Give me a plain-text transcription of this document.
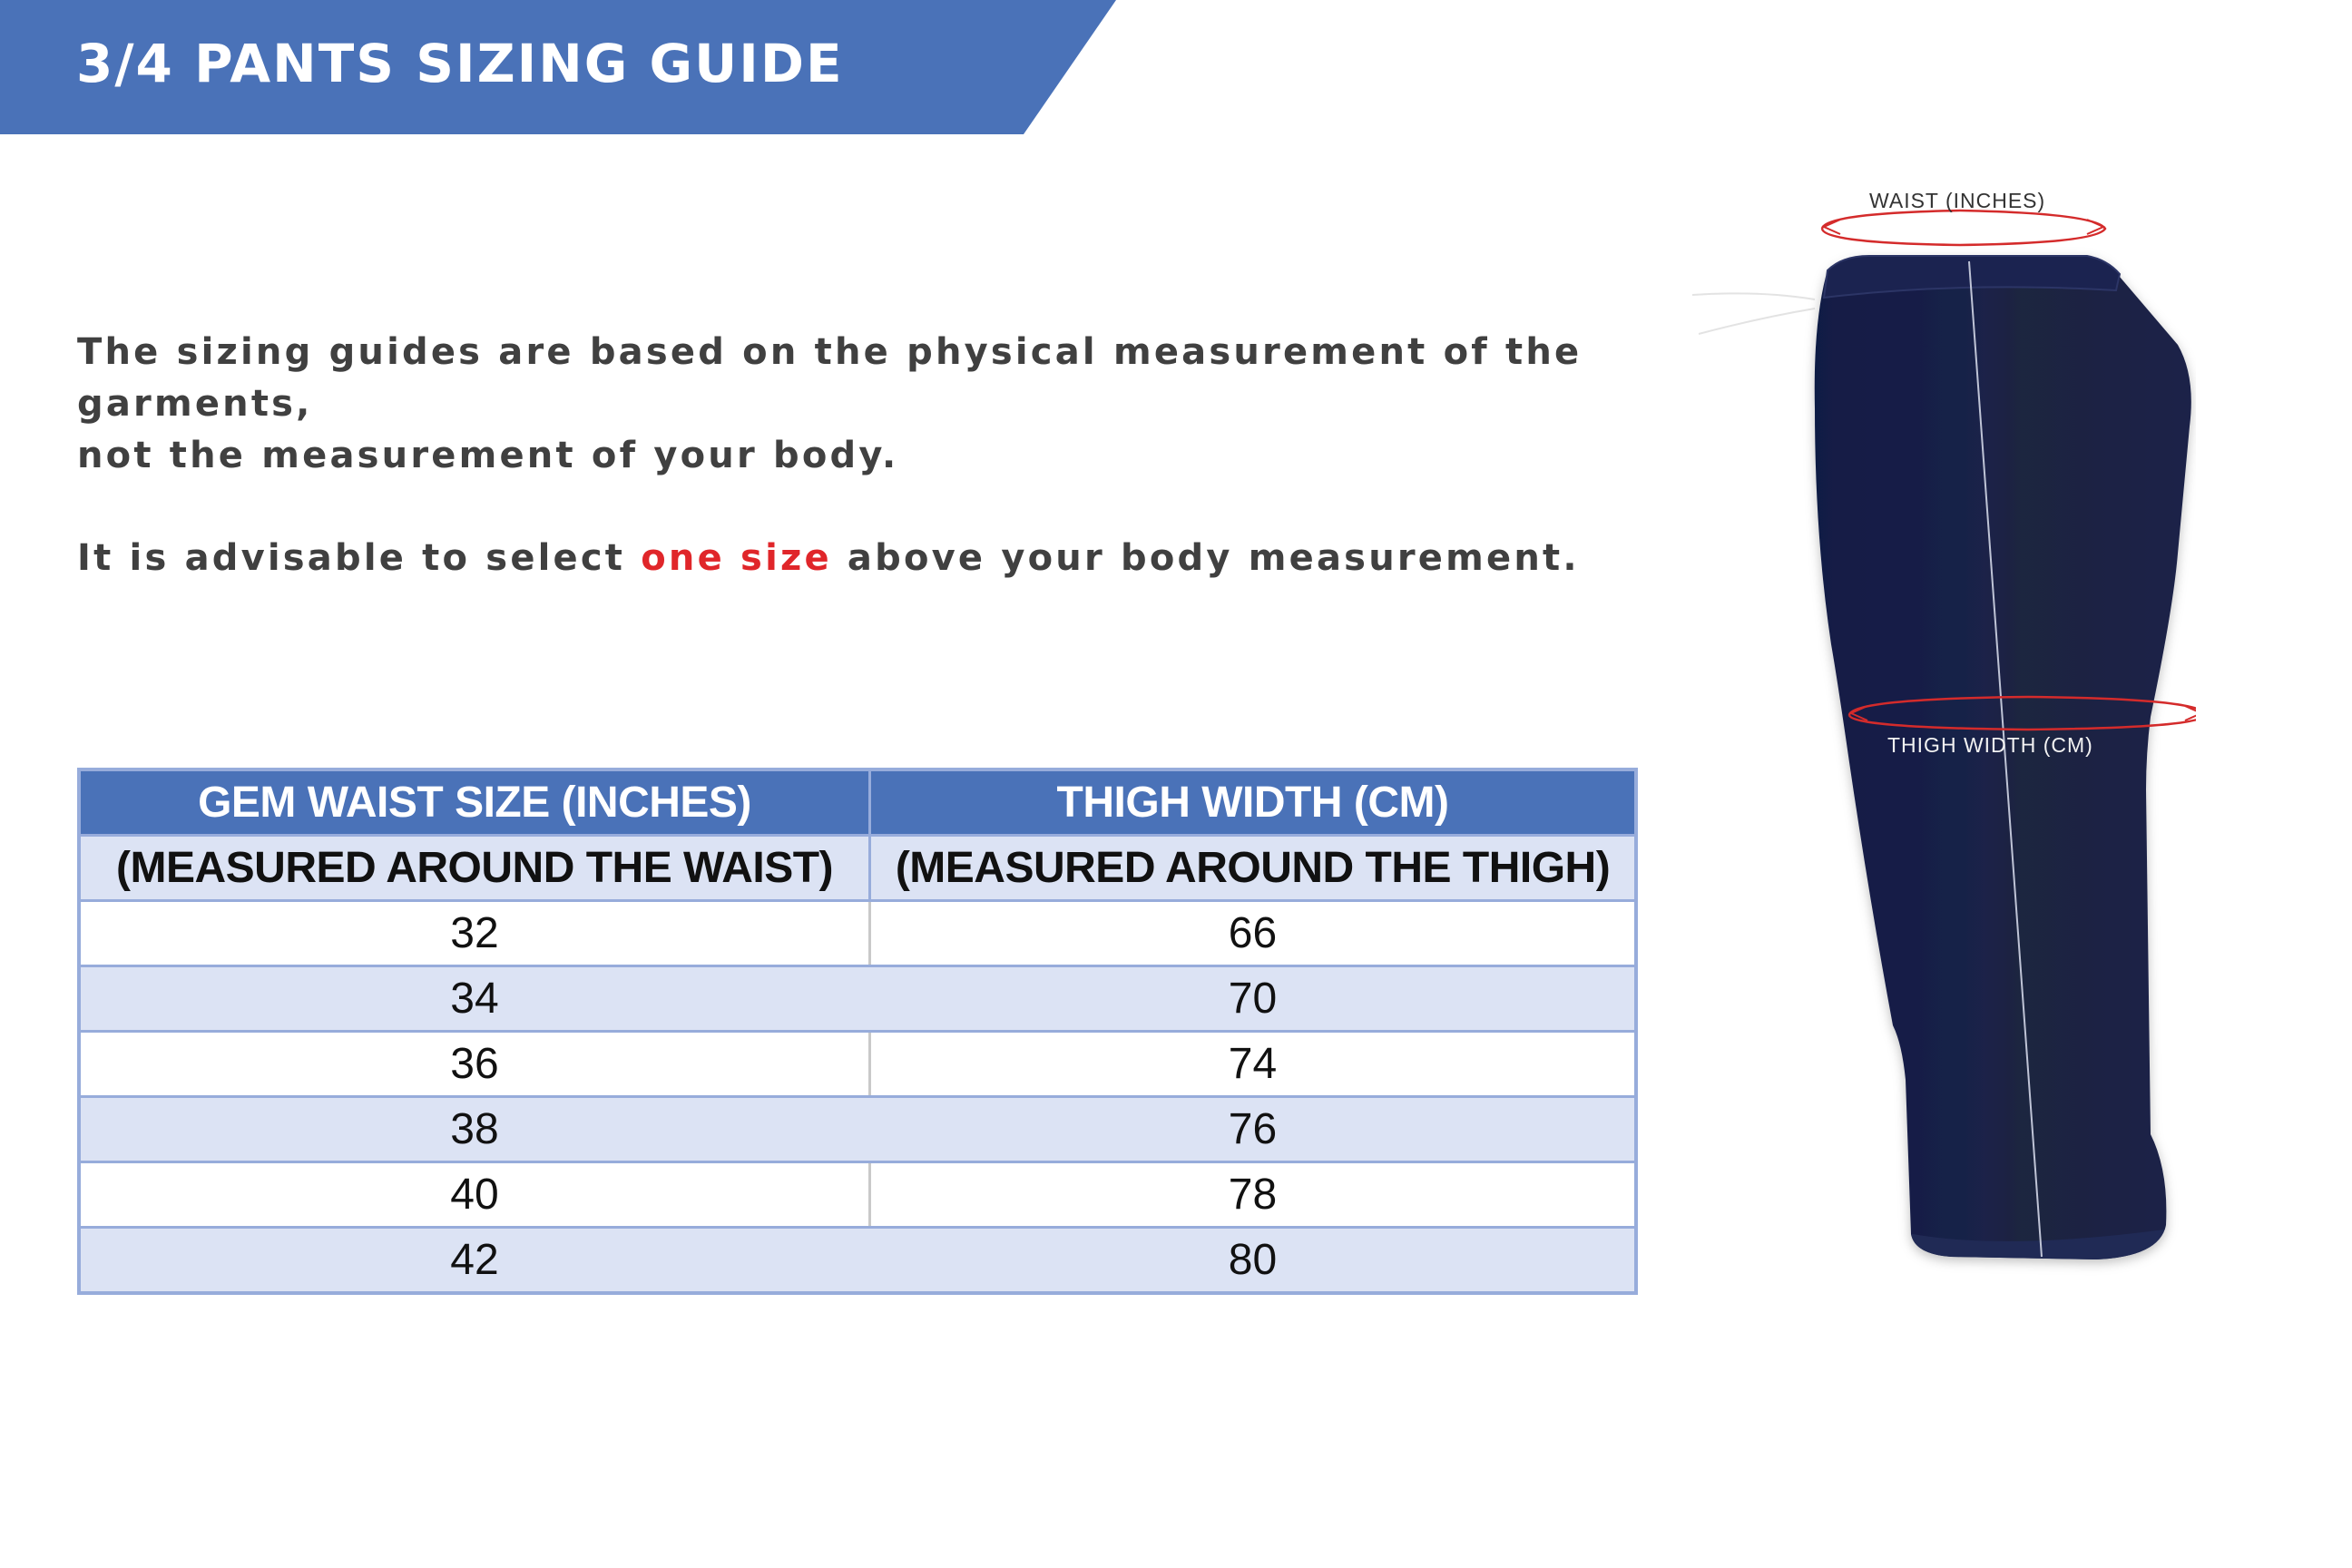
3/4 PANTS SIZING GUIDE

The sizing guides are based on the physical measurement of the garments,
not the measurement of your body.

It is advisable to select one size above your body measurement.

GEM WAIST SIZE (INCHES)	THIGH WIDTH (CM)
(MEASURED AROUND THE WAIST)	(MEASURED AROUND THE THIGH)
32	66
34	70
36	74
38	76
40	78
42	80
WAIST (INCHES)
THIGH WIDTH (CM)
